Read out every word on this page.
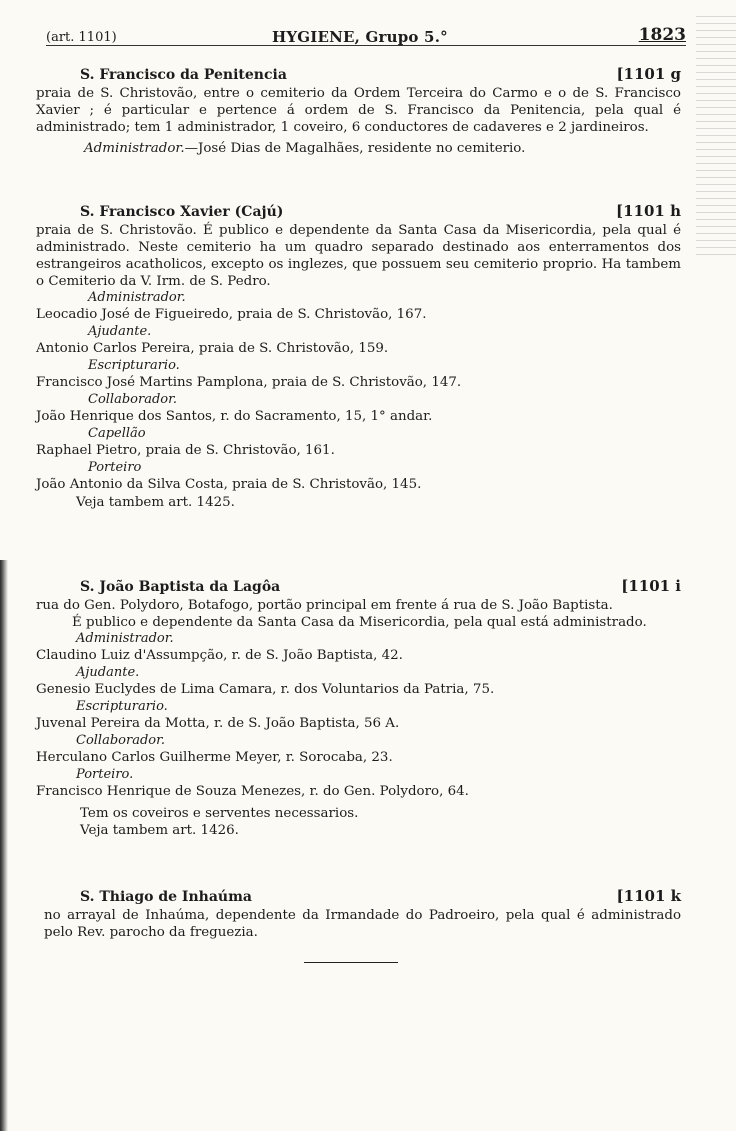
(art. 1101)	HYGIENE, Grupo 5.°	1823
S. Francisco da Penitencia	[1101 g
praia de S. Christovão, entre o cemiterio da Ordem Terceira do Carmo e o de S. Francisco Xavier ; é particular e pertence á ordem de S. Francisco da Penitencia, pela qual é administrado; tem 1 administrador, 1 coveiro, 6 conductores de cadaveres e 2 jardineiros.
Administrador.—José Dias de Magalhães, residente no cemiterio.
S. Francisco Xavier (Cajú)	[1101 h
praia de S. Christovão. É publico e dependente da Santa Casa da Misericordia, pela qual é administrado. Neste cemiterio ha um quadro separado destinado aos enterramentos dos estrangeiros acatholicos, excepto os inglezes, que possuem seu cemiterio proprio. Ha tambem o Cemiterio da V. Irm. de S. Pedro.
Administrador.
Leocadio José de Figueiredo, praia de S. Christovão, 167.
Ajudante.
Antonio Carlos Pereira, praia de S. Christovão, 159.
Escripturario.
Francisco José Martins Pamplona, praia de S. Christovão, 147.
Collaborador.
João Henrique dos Santos, r. do Sacramento, 15, 1° andar.
Capellão
Raphael Pietro, praia de S. Christovão, 161.
Porteiro
João Antonio da Silva Costa, praia de S. Christovão, 145.
Veja tambem art. 1425.
S. João Baptista da Lagôa	[1101 i
rua do Gen. Polydoro, Botafogo, portão principal em frente á rua de S. João Baptista.
É publico e dependente da Santa Casa da Misericordia, pela qual está administrado.
Administrador.
Claudino Luiz d'Assumpção, r. de S. João Baptista, 42.
Ajudante.
Genesio Euclydes de Lima Camara, r. dos Voluntarios da Patria, 75.
Escripturario.
Juvenal Pereira da Motta, r. de S. João Baptista, 56 A.
Collaborador.
Herculano Carlos Guilherme Meyer, r. Sorocaba, 23.
Porteiro.
Francisco Henrique de Souza Menezes, r. do Gen. Polydoro, 64.
Tem os coveiros e serventes necessarios.
Veja tambem art. 1426.
S. Thiago de Inhaúma	[1101 k
no arrayal de Inhaúma, dependente da Irmandade do Padroeiro, pela qual é administrado pelo Rev. parocho da freguezia.
